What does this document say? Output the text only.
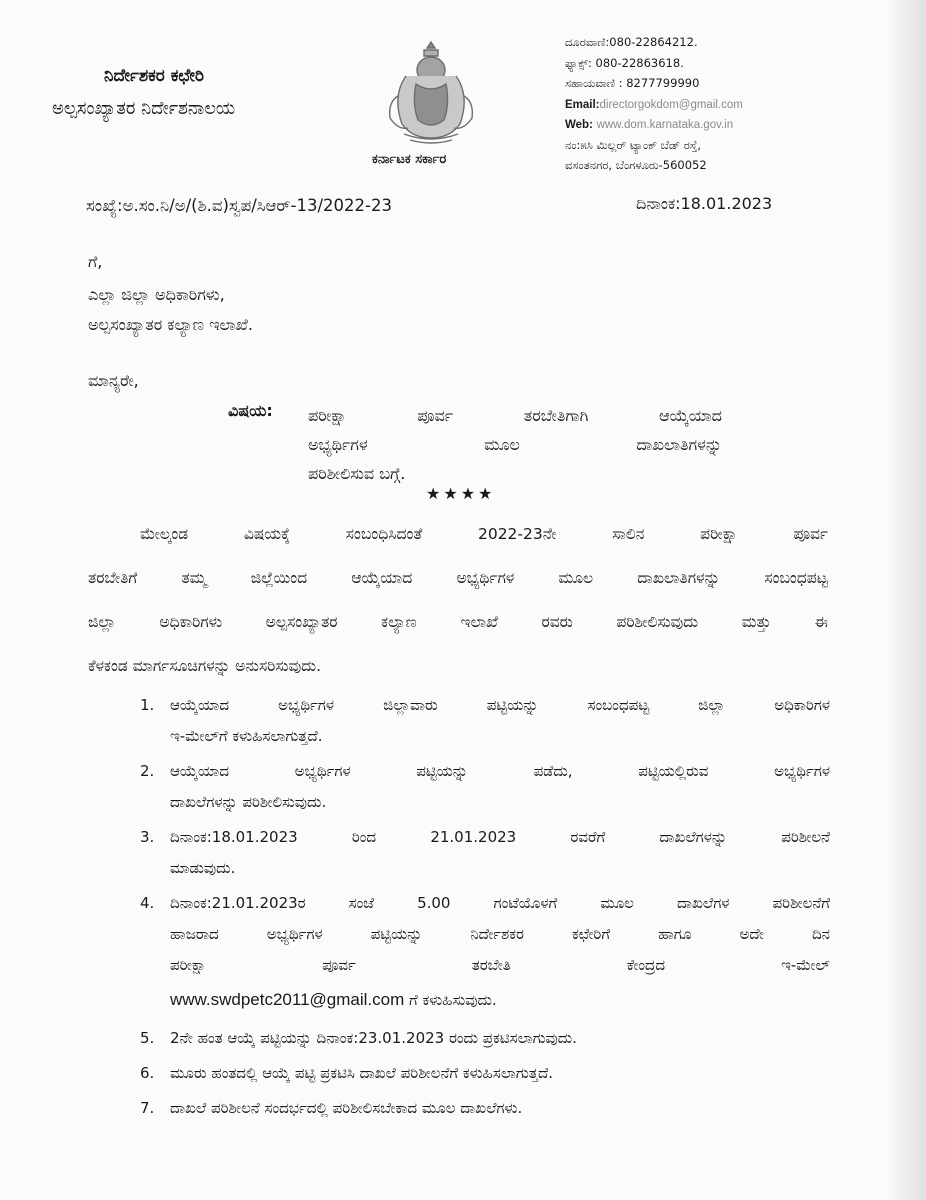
ನಿರ್ದೇಶಕರ ಕಛೇರಿ
ಅಲ್ಪಸಂಖ್ಯಾತರ ನಿರ್ದೇಶನಾಲಯ
ಕರ್ನಾಟಕ ಸರ್ಕಾರ
ದೂರವಾಣಿ:080-22864212.
ಫ್ಯಾಕ್ಸ್: 080-22863618.
ಸಹಾಯವಾಣಿ : 8277799990
Email:directorgokdom@gmail.com
Web: www.dom.karnataka.gov.in
ನಂ:೫ಸಿ ಮಿಲ್ಲರ್ ಟ್ಯಾಂಕ್ ಬೆಡ್ ರಸ್ತೆ,
ವಸಂತನಗರ, ಬೆಂಗಳೂರು-560052
ಸಂಖ್ಯೆ:ಅ.ಸಂ.ನಿ/ಅ/(ಶಿ.ವ)ಸ್ವಪ/ಸಿಆರ್-13/2022-23	ದಿನಾಂಕ:18.01.2023
ಗೆ,
ಎಲ್ಲಾ ಜಿಲ್ಲಾ ಅಧಿಕಾರಿಗಳು,
ಅಲ್ಪಸಂಖ್ಯಾತರ ಕಲ್ಯಾಣ ಇಲಾಖೆ.
ಮಾನ್ಯರೇ,
ವಿಷಯ: ಪರೀಕ್ಷಾ	ಪೂರ್ವ	ತರಬೇತಿಗಾಗಿ	ಆಯ್ಕೆಯಾದ
ಅಭ್ಯರ್ಥಿಗಳ	ಮೂಲ	ದಾಖಲಾತಿಗಳನ್ನು
ಪರಿಶೀಲಿಸುವ ಬಗ್ಗೆ.
★★★★
ಮೇಲ್ಕಂಡ ವಿಷಯಕ್ಕೆ ಸಂಬಂಧಿಸಿದಂತೆ 2022-23ನೇ ಸಾಲಿನ ಪರೀಕ್ಷಾ ಪೂರ್ವ
ತರಬೇತಿಗೆ ತಮ್ಮ ಜಿಲ್ಲೆಯಿಂದ ಆಯ್ಕೆಯಾದ ಅಭ್ಯರ್ಥಿಗಳ ಮೂಲ ದಾಖಲಾತಿಗಳನ್ನು ಸಂಬಂಧಪಟ್ಟ
ಜಿಲ್ಲಾ ಅಧಿಕಾರಿಗಳು ಅಲ್ಪಸಂಖ್ಯಾತರ ಕಲ್ಯಾಣ ಇಲಾಖೆ ರವರು ಪರಿಶೀಲಿಸುವುದು ಮತ್ತು ಈ
ಕೆಳಕಂಡ ಮಾರ್ಗಸೂಚಿಗಳನ್ನು ಅನುಸರಿಸುವುದು.
1. ಆಯ್ಕೆಯಾದ ಅಭ್ಯರ್ಥಿಗಳ ಜಿಲ್ಲಾವಾರು ಪಟ್ಟಿಯನ್ನು ಸಂಬಂಧಪಟ್ಟ ಜಿಲ್ಲಾ ಅಧಿಕಾರಿಗಳ
ಇ-ಮೇಲ್‌ಗೆ ಕಳುಹಿಸಲಾಗುತ್ತದೆ.
2. ಆಯ್ಕೆಯಾದ ಅಭ್ಯರ್ಥಿಗಳ ಪಟ್ಟಿಯನ್ನು ಪಡೆದು, ಪಟ್ಟಿಯಲ್ಲಿರುವ ಅಭ್ಯರ್ಥಿಗಳ
ದಾಖಲೆಗಳನ್ನು ಪರಿಶೀಲಿಸುವುದು.
3. ದಿನಾಂಕ:18.01.2023 ರಿಂದ 21.01.2023 ರವರೆಗೆ ದಾಖಲೆಗಳನ್ನು ಪರಿಶೀಲನೆ
ಮಾಡುವುದು.
4. ದಿನಾಂಕ:21.01.2023ರ ಸಂಜೆ 5.00 ಗಂಟೆಯೊಳಗೆ ಮೂಲ ದಾಖಲೆಗಳ ಪರಿಶೀಲನೆಗೆ
ಹಾಜರಾದ ಅಭ್ಯರ್ಥಿಗಳ ಪಟ್ಟಿಯನ್ನು ನಿರ್ದೇಶಕರ ಕಛೇರಿಗೆ ಹಾಗೂ ಅದೇ ದಿನ
ಪರೀಕ್ಷಾ ಪೂರ್ವ ತರಬೇತಿ ಕೇಂದ್ರದ ಇ-ಮೇಲ್
www.swdpetc2011@gmail.com ಗೆ ಕಳುಹಿಸುವುದು.
5. 2ನೇ ಹಂತ ಆಯ್ಕೆ ಪಟ್ಟಿಯನ್ನು ದಿನಾಂಕ:23.01.2023 ರಂದು ಪ್ರಕಟಿಸಲಾಗುವುದು.
6. ಮೂರು ಹಂತದಲ್ಲಿ ಆಯ್ಕೆ ಪಟ್ಟಿ ಪ್ರಕಟಿಸಿ ದಾಖಲೆ ಪರಿಶೀಲನೆಗೆ ಕಳುಹಿಸಲಾಗುತ್ತದೆ.
7. ದಾಖಲೆ ಪರಿಶೀಲನೆ ಸಂದರ್ಭದಲ್ಲಿ ಪರಿಶೀಲಿಸಬೇಕಾದ ಮೂಲ ದಾಖಲೆಗಳು.
